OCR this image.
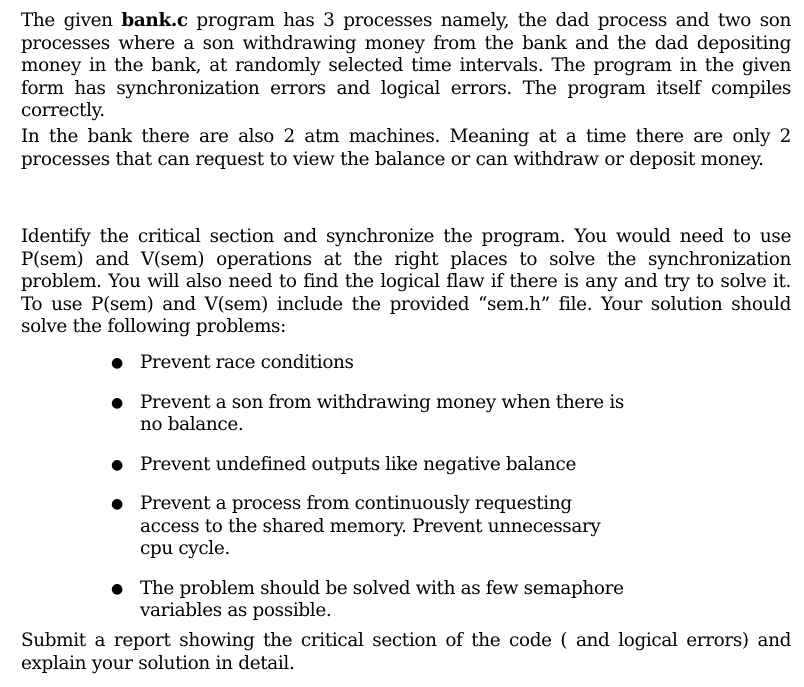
The given bank.c program has 3 processes namely, the dad process and two son processes where a son withdrawing money from the bank and the dad depositing money in the bank, at randomly selected time intervals. The program in the given form has synchronization errors and logical errors. The program itself compiles correctly.

In the bank there are also 2 atm machines. Meaning at a time there are only 2 processes that can request to view the balance or can withdraw or deposit money.

Identify the critical section and synchronize the program. You would need to use P(sem) and V(sem) operations at the right places to solve the synchronization problem. You will also need to find the logical flaw if there is any and try to solve it. To use P(sem) and V(sem) include the provided “sem.h” file. Your solution should solve the following problems:

● Prevent race conditions
● Prevent a son from withdrawing money when there is no balance.
● Prevent undefined outputs like negative balance
● Prevent a process from continuously requesting access to the shared memory. Prevent unnecessary cpu cycle.
● The problem should be solved with as few semaphore variables as possible.

Submit a report showing the critical section of the code ( and logical errors) and explain your solution in detail.
